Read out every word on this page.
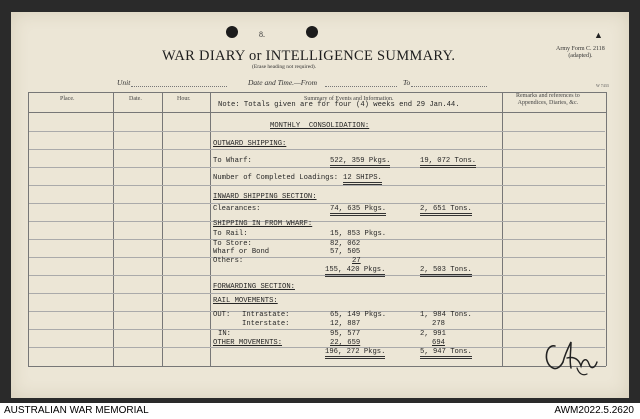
8.	▲
WAR DIARY or INTELLIGENCE SUMMARY.
(Erase heading not required).
Army Form C. 2118
(adapted).
Unit	Date and Time.—From	To	W 7433
Place.	Date.	Hour.	Summary of Events and Information.	Remarks and references to
Appendices, Diaries, &c.
Note: Totals given are for four (4) weeks end 29 Jan.44.
MONTHLY  CONSOLIDATION:
OUTWARD SHIPPING:
To Wharf:	522, 359 Pkgs.	19, 072 Tons.
Number of Completed Loadings: 12 SHIPS.
INWARD SHIPPING SECTION:
Clearances:	74, 635 Pkgs.	2, 651 Tons.
SHIPPING IN FROM WHARF:
To Rail:	15, 853 Pkgs.
To Store:	82, 062
Wharf or Bond	57, 505
Others:	27
155, 420 Pkgs.	2, 503 Tons.
FORWARDING SECTION:
RAIL MOVEMENTS:
OUT: Intrastate:	65, 149 Pkgs.	1, 984 Tons.
Interstate:	12, 887	278
IN:	95, 577	2, 991
OTHER MOVEMENTS:	22, 659	694
196, 272 Pkgs.	5, 947 Tons.
AUSTRALIAN WAR MEMORIAL	AWM2022.5.2620
